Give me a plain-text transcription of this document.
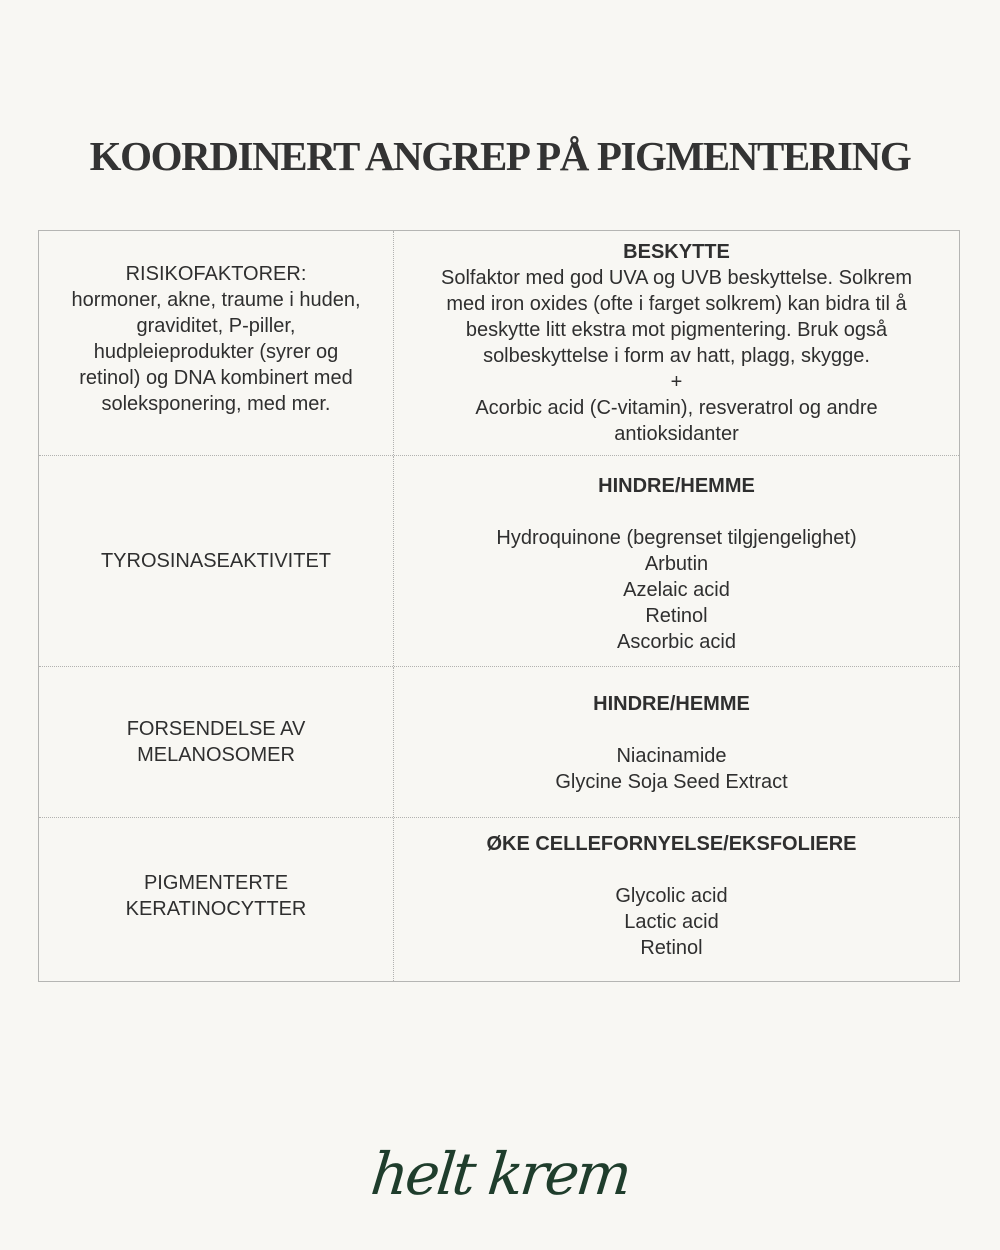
KOORDINERT ANGREP PÅ PIGMENTERING
RISIKOFAKTORER:
hormoner, akne, traume i huden,
graviditet, P-piller,
hudpleieprodukter (syrer og
retinol) og DNA kombinert med
soleksponering, med mer.
BESKYTTE
Solfaktor med god UVA og UVB beskyttelse. Solkrem
med iron oxides (ofte i farget solkrem) kan bidra til å
beskytte litt ekstra mot pigmentering. Bruk også
solbeskyttelse i form av hatt, plagg, skygge.
+
Acorbic acid (C-vitamin), resveratrol og andre
antioksidanter
TYROSINASEAKTIVITET
HINDRE/HEMME
Hydroquinone (begrenset tilgjengelighet)
Arbutin
Azelaic acid
Retinol
Ascorbic acid
FORSENDELSE AV
MELANOSOMER
HINDRE/HEMME
Niacinamide
Glycine Soja Seed Extract
PIGMENTERTE
KERATINOCYTTER
ØKE CELLEFORNYELSE/EKSFOLIERE
Glycolic acid
Lactic acid
Retinol
helt krem
